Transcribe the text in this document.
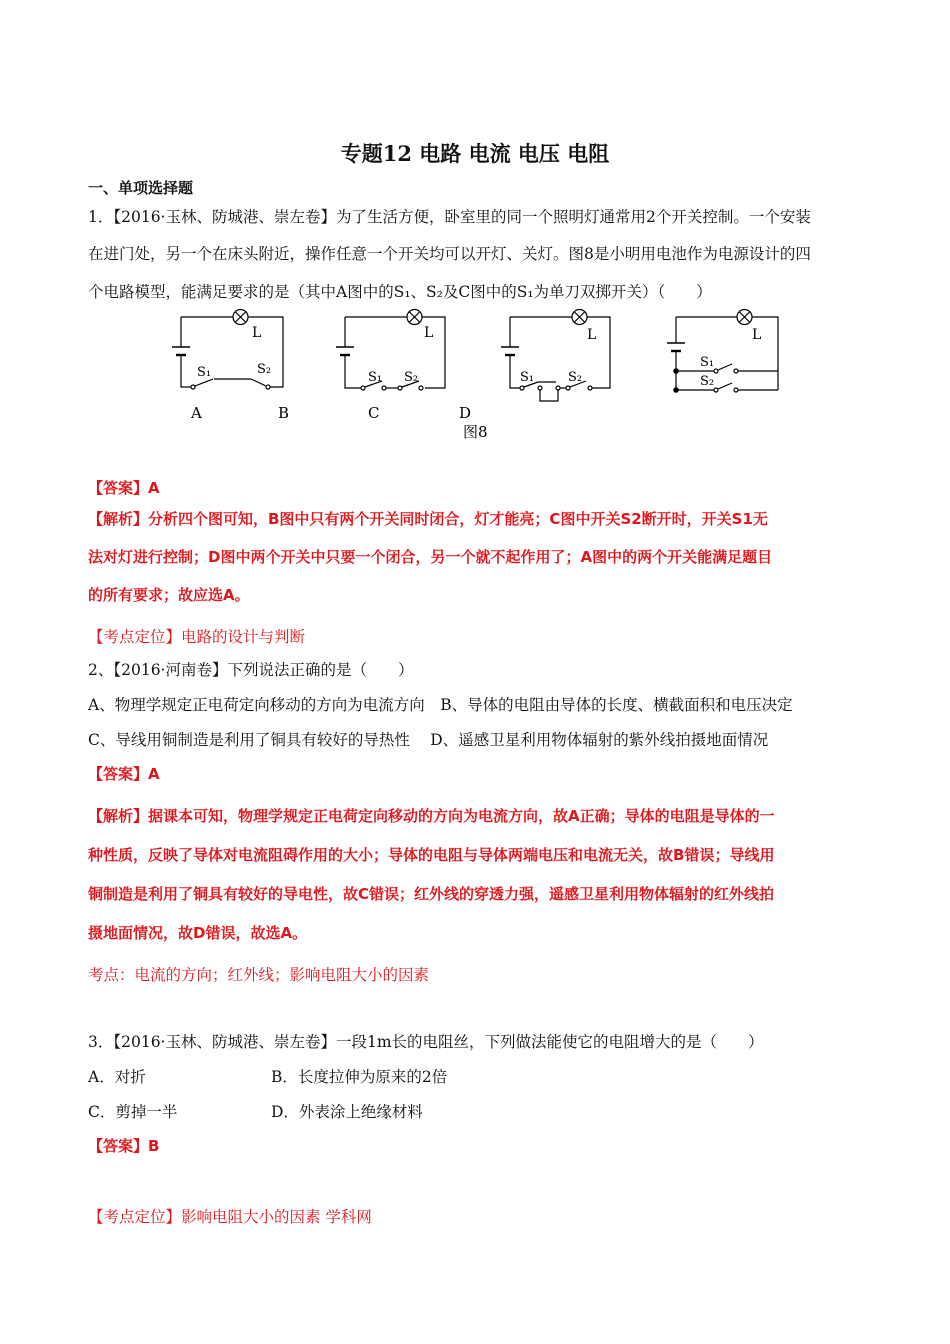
专题12 电路 电流 电压 电阻
一、单项选择题
1．【2016·玉林、防城港、崇左卷】为了生活方便，卧室里的同一个照明灯通常用2个开关控制。一个安装
在进门处，另一个在床头附近，操作任意一个开关均可以开灯、关灯。图8是小明用电池作为电源设计的四
个电路模型，能满足要求的是（其中A图中的S₁、S₂及C图中的S₁为单刀双掷开关）（　　）
L
S₁	S₂
L
S₁ S₂
L
S₁	S₂
L
S₁
S₂
A	B	C	D
图8
【答案】A
【解析】分析四个图可知，B图中只有两个开关同时闭合，灯才能亮；C图中开关S2断开时，开关S1无
法对灯进行控制；D图中两个开关中只要一个闭合，另一个就不起作用了；A图中的两个开关能满足题目
的所有要求；故应选A。
【考点定位】电路的设计与判断
2、【2016·河南卷】下列说法正确的是（　　）
A、物理学规定正电荷定向移动的方向为电流方向　B、导体的电阻由导体的长度、横截面积和电压决定
C、导线用铜制造是利用了铜具有较好的导热性　 D、遥感卫星利用物体辐射的紫外线拍摄地面情况
【答案】A
【解析】据课本可知，物理学规定正电荷定向移动的方向为电流方向，故A正确；导体的电阻是导体的一
种性质，反映了导体对电流阻碍作用的大小；导体的电阻与导体两端电压和电流无关，故B错误；导线用
铜制造是利用了铜具有较好的导电性，故C错误；红外线的穿透力强，遥感卫星利用物体辐射的红外线拍
摄地面情况，故D错误，故选A。
考点：电流的方向；红外线；影响电阻大小的因素
3．【2016·玉林、防城港、崇左卷】一段1m长的电阻丝，下列做法能使它的电阻增大的是（　　）
A．对折	B．长度拉伸为原来的2倍
C．剪掉一半	D．外表涂上绝缘材料
【答案】B
【考点定位】影响电阻大小的因素 学科网
